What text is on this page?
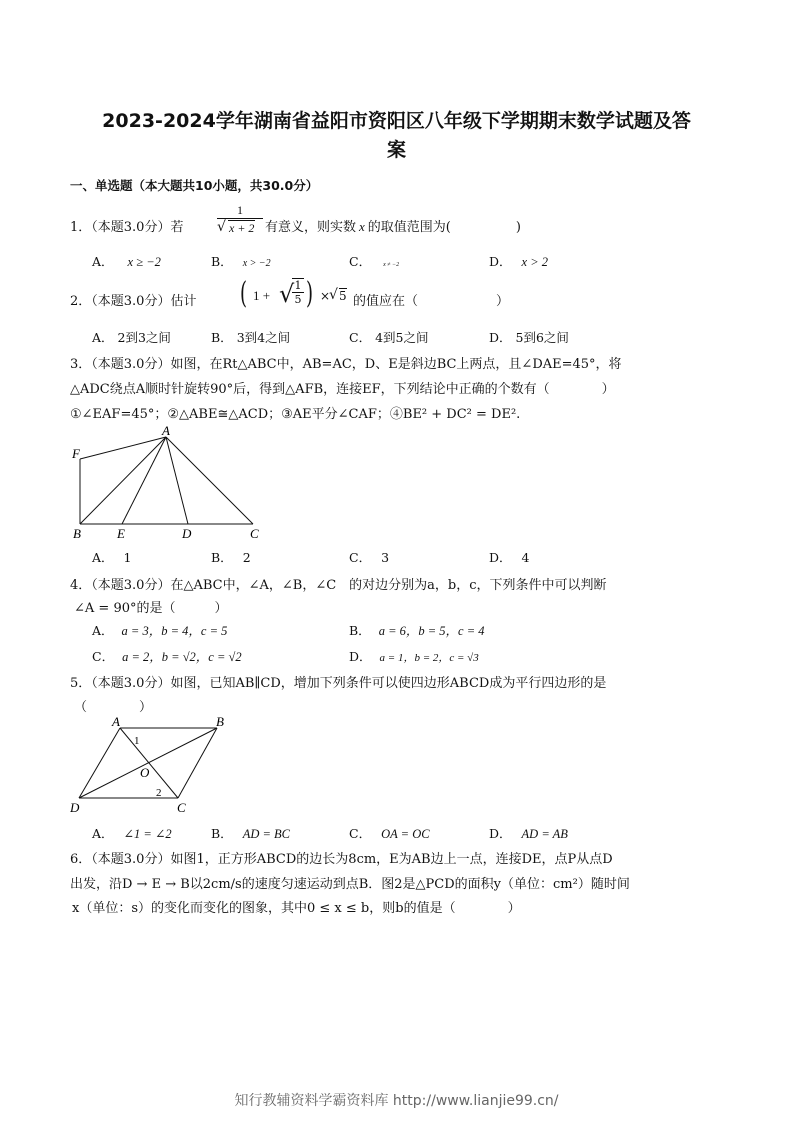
2023-2024学年湖南省益阳市资阳区八年级下学期期末数学试题及答
案
一、单选题（本大题共10小题，共30.0分）
1．（本题3.0分）若
1
√ x + 2 有意义，则实数 x 的取值范围为(　　　　　)
A． x ≥ −2	B． x > −2	C． x ≠ −2	D． x > 2
2．（本题3.0分）估计 ( 1 + √ 1
5 ) ×
√ 5 的值应在（　　　　　　）
A． 2到3之间	B． 3到4之间	C． 4到5之间	D． 5到6之间
3．（本题3.0分）如图，在Rt△ABC中，AB=AC，D、E是斜边BC上两点，且∠DAE=45°，将
△ADC绕点A顺时针旋转90°后，得到△AFB，连接EF，下列结论中正确的个数有（　　　　）
①∠EAF=45°；②△ABE≅△ACD；③AE平分∠CAF；④BE² + DC² = DE².
A
F
B	E	D	C
A． 1	B． 2	C． 3	D． 4
4．（本题3.0分）在△ABC中，∠A，∠B，∠C　的对边分别为a，b，c，下列条件中可以判断
∠A = 90°的是（　　　）
A． a = 3，b = 4，c = 5	B． a = 6，b = 5，c = 4
C． a = 2，b = √2，c = √2	D． a = 1，b = 2，c = √3
5．（本题3.0分）如图，已知AB∥CD，增加下列条件可以使四边形ABCD成为平行四边形的是
（　　　　）
A	B
C
D
O
1
2
A． ∠1 = ∠2	B． AD = BC	C． OA = OC	D． AD = AB
6．（本题3.0分）如图1，正方形ABCD的边长为8cm，E为AB边上一点，连接DE，点P从点D
出发，沿D → E → B以2cm/s的速度匀速运动到点B．图2是△PCD的面积y（单位：cm²）随时间
x（单位：s）的变化而变化的图象，其中0 ≤ x ≤ b，则b的值是（　　　　）
知行教辅资料学霸资料库 http://www.lianjie99.cn/
